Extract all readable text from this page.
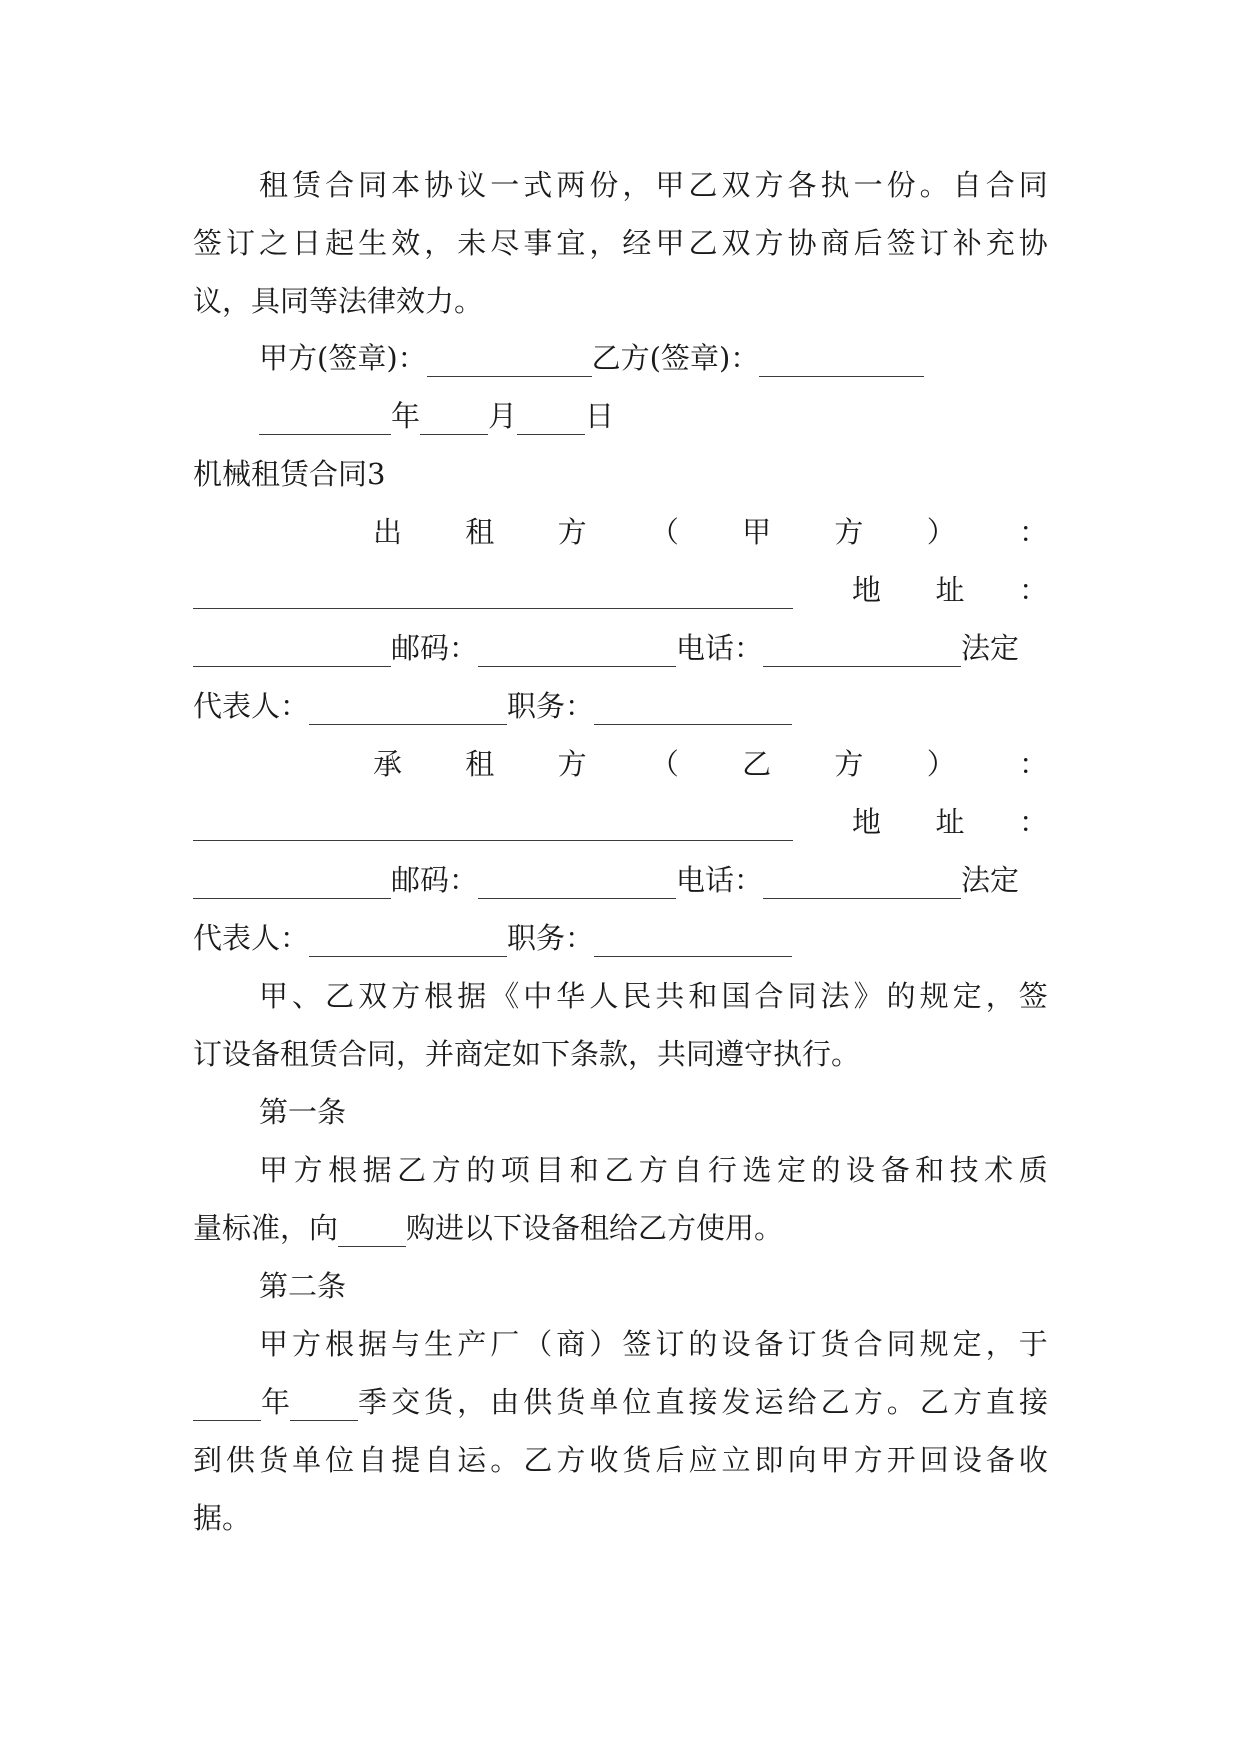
租 赁 合 同 本 协 议 一 式 两 份 ， 甲 乙 双 方 各 执 一 份 。 自 合 同
签 订 之 日 起 生 效 ， 未 尽 事 宜 ， 经 甲 乙 双 方 协 商 后 签 订 补 充 协
议，具同等法律效力。
甲方(签章)：	乙方(签章)：
年 月 日
机械租赁合同3
出 租 方 （ 甲 方 ） ：
地 址 ：
邮码：	电话：	法定
代表人：	职务：
承 租 方 （ 乙 方 ） ：
地 址 ：
邮码：	电话：	法定
代表人：	职务：
甲 、 乙 双 方 根 据 《 中 华 人 民 共 和 国 合 同 法 》 的 规 定 ， 签
订设备租赁合同，并商定如下条款，共同遵守执行。
第一条
甲 方 根 据 乙 方 的 项 目 和 乙 方 自 行 选 定 的 设 备 和 技 术 质
量标准，向 购进以下设备租给乙方使用。
第二条
甲 方 根 据 与 生 产 厂 （ 商 ） 签 订 的 设 备 订 货 合 同 规 定 ， 于
年 季 交 货 ， 由 供 货 单 位 直 接 发 运 给 乙 方 。 乙 方 直 接
到 供 货 单 位 自 提 自 运 。 乙 方 收 货 后 应 立 即 向 甲 方 开 回 设 备 收
据。
